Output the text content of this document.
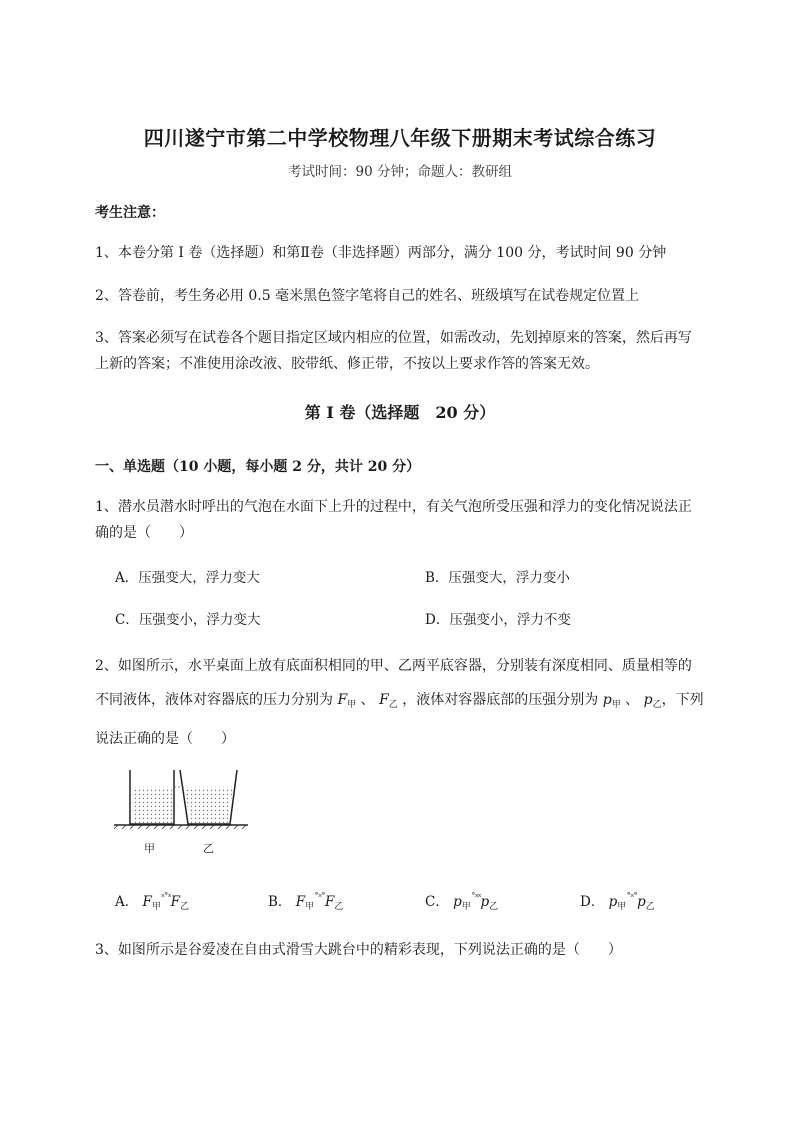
四川遂宁市第二中学校物理八年级下册期末考试综合练习
考试时间：90 分钟；命题人：教研组
考生注意：
1、本卷分第 I 卷（选择题）和第Ⅱ卷（非选择题）两部分，满分 100 分，考试时间 90 分钟
2、答卷前，考生务必用 0.5 毫米黑色签字笔将自己的姓名、班级填写在试卷规定位置上
3、答案必须写在试卷各个题目指定区域内相应的位置，如需改动，先划掉原来的答案，然后再写上新的答案；不准使用涂改液、胶带纸、修正带，不按以上要求作答的答案无效。
第 I 卷（选择题　20 分）
一、单选题（10 小题，每小题 2 分，共计 20 分）
1、潜水员潜水时呼出的气泡在水面下上升的过程中，有关气泡所受压强和浮力的变化情况说法正确的是（　　）
A．压强变大，浮力变大	B．压强变大，浮力变小
C．压强变小，浮力变大	D．压强变小，浮力不变
2、如图所示，水平桌面上放有底面积相同的甲、乙两平底容器，分别装有深度相同、质量相等的不同液体，液体对容器底的压力分别为 $F_甲$ 、 $F_乙$ ，液体对容器底部的压强分别为 $p_甲$ 、 $p_乙$，下列说法正确的是（　　）
甲	乙
A． $F_甲^{˟˚˟}F_乙$	B． $F_甲^{˚˟˚}F_乙$	C． $p_甲^{˚˟˟}p_乙$	D． $p_甲^{˚˟˚}p_乙$
3、如图所示是谷爱凌在自由式滑雪大跳台中的精彩表现，下列说法正确的是（　　）
